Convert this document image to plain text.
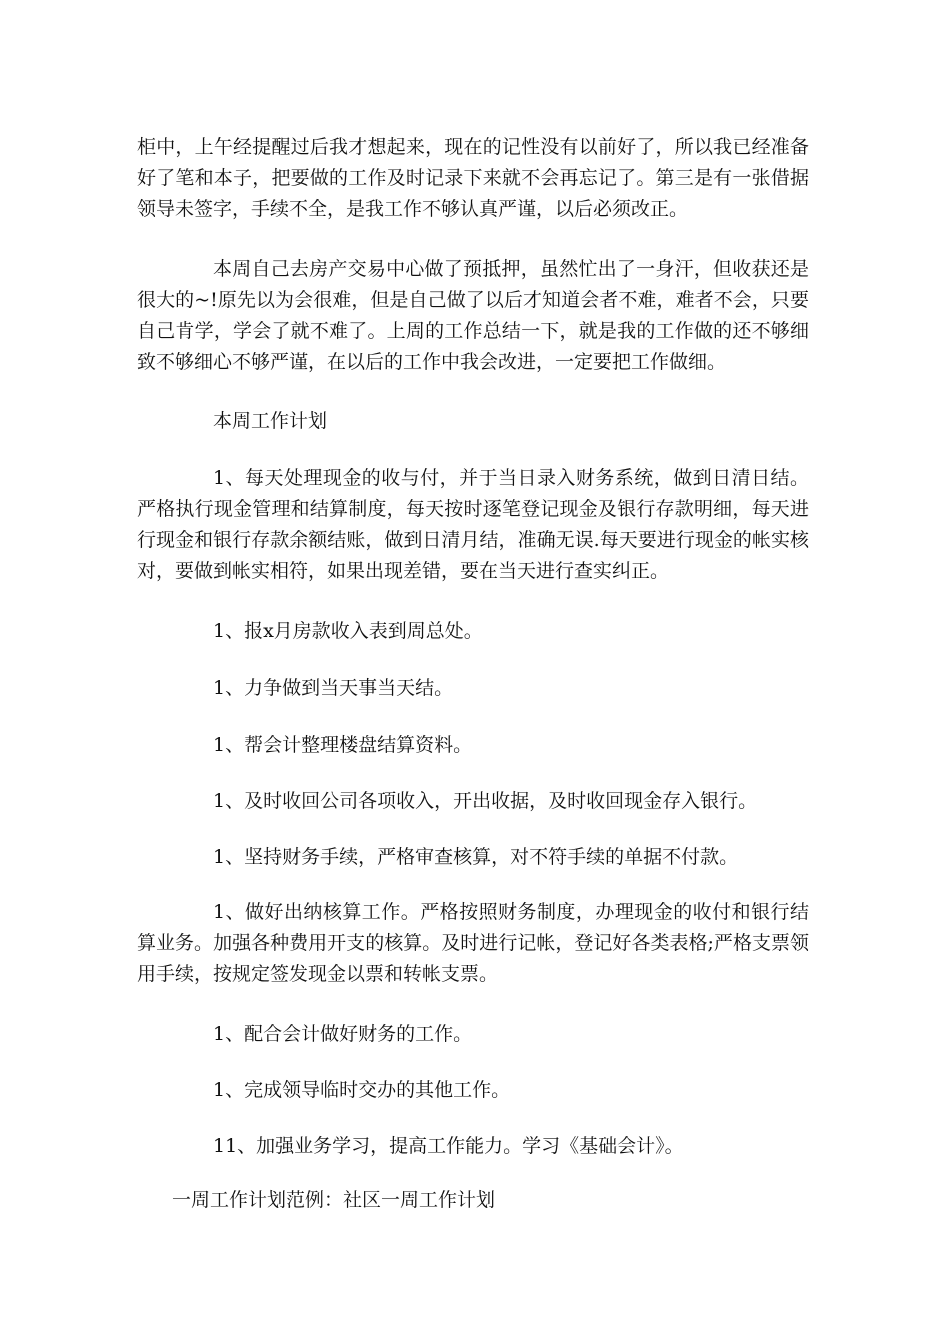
柜中，上午经提醒过后我才想起来，现在的记性没有以前好了，所以我已经准备好了笔和本子，把要做的工作及时记录下来就不会再忘记了。第三是有一张借据领导未签字，手续不全，是我工作不够认真严谨，以后必须改正。

本周自己去房产交易中心做了预抵押，虽然忙出了一身汗，但收获还是很大的~!原先以为会很难，但是自己做了以后才知道会者不难，难者不会，只要自己肯学，学会了就不难了。上周的工作总结一下，就是我的工作做的还不够细致不够细心不够严谨，在以后的工作中我会改进，一定要把工作做细。

本周工作计划

1、每天处理现金的收与付，并于当日录入财务系统，做到日清日结。严格执行现金管理和结算制度，每天按时逐笔登记现金及银行存款明细，每天进行现金和银行存款余额结账，做到日清月结，准确无误.每天要进行现金的帐实核对，要做到帐实相符，如果出现差错，要在当天进行查实纠正。

1、报x月房款收入表到周总处。

1、力争做到当天事当天结。

1、帮会计整理楼盘结算资料。

1、及时收回公司各项收入，开出收据，及时收回现金存入银行。

1、坚持财务手续，严格审查核算，对不符手续的单据不付款。

1、做好出纳核算工作。严格按照财务制度，办理现金的收付和银行结算业务。加强各种费用开支的核算。及时进行记帐，登记好各类表格;严格支票领用手续，按规定签发现金以票和转帐支票。

1、配合会计做好财务的工作。

1、完成领导临时交办的其他工作。

11、加强业务学习，提高工作能力。学习《基础会计》。

一周工作计划范例：社区一周工作计划
